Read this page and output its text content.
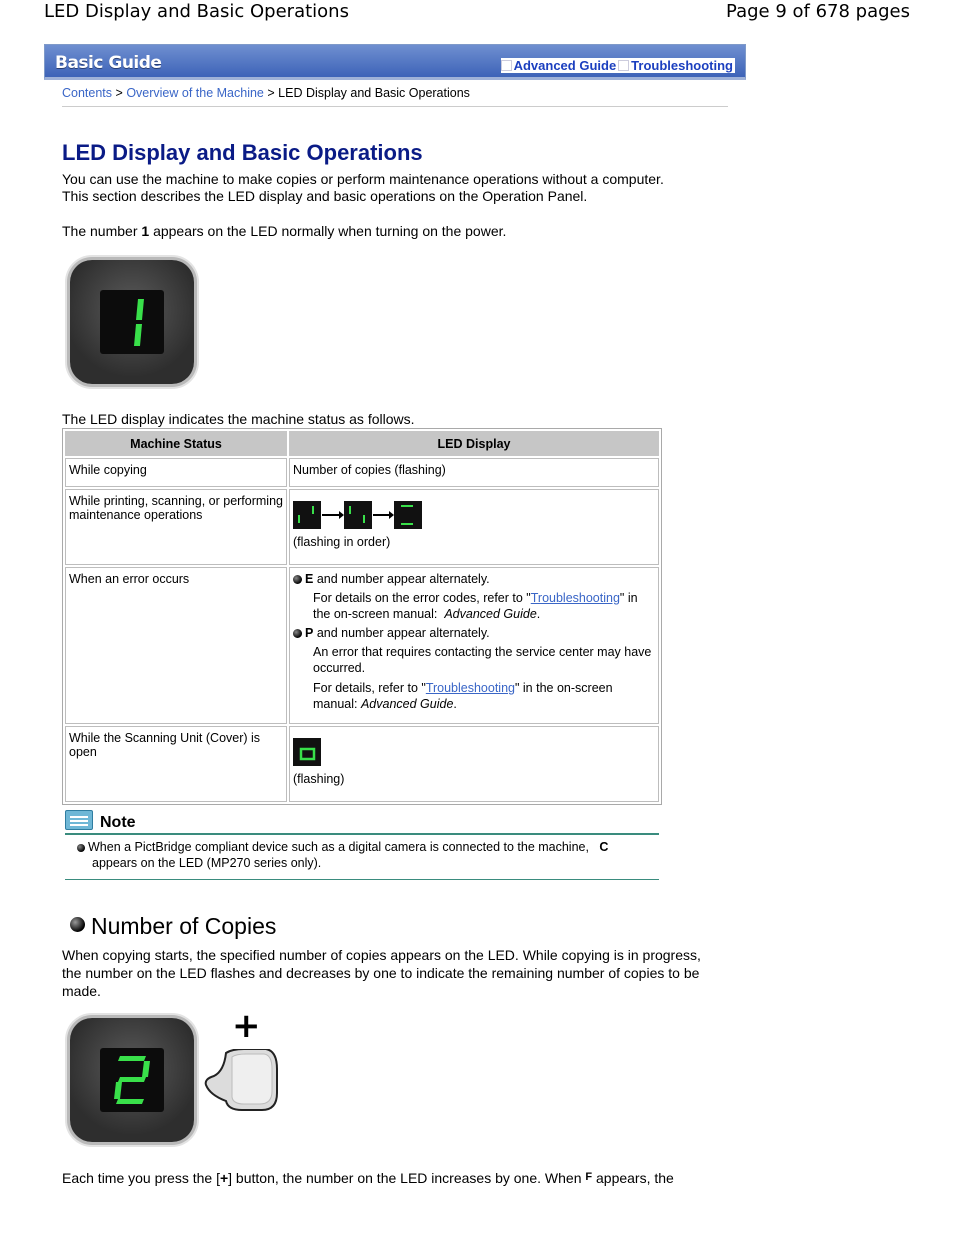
LED Display and Basic Operations	Page 9 of 678 pages
Basic Guide	Advanced Guide Troubleshooting
Contents > Overview of the Machine > LED Display and Basic Operations
LED Display and Basic Operations
You can use the machine to make copies or perform maintenance operations without a computer.
This section describes the LED display and basic operations on the Operation Panel.
The number 1 appears on the LED normally when turning on the power.
The LED display indicates the machine status as follows.
Machine Status	LED Display
While copying	Number of copies (flashing)
While printing, scanning, or performing maintenance operations	(flashing in order)

When an error occurs	E and number appear alternately.
For details on the error codes, refer to "Troubleshooting" in the on-screen manual: Advanced Guide.
P and number appear alternately.
An error that requires contacting the service center may have occurred.
For details, refer to "Troubleshooting" in the on-screen manual: Advanced Guide.

While the Scanning Unit (Cover) is open	(flashing)
Note
When a PictBridge compliant device such as a digital camera is connected to the machine, C
appears on the LED (MP270 series only).
Number of Copies
When copying starts, the specified number of copies appears on the LED. While copying is in progress,
the number on the LED flashes and decreases by one to indicate the remaining number of copies to be
made.
+
Each time you press the [+] button, the number on the LED increases by one. When $^F$ appears, the
